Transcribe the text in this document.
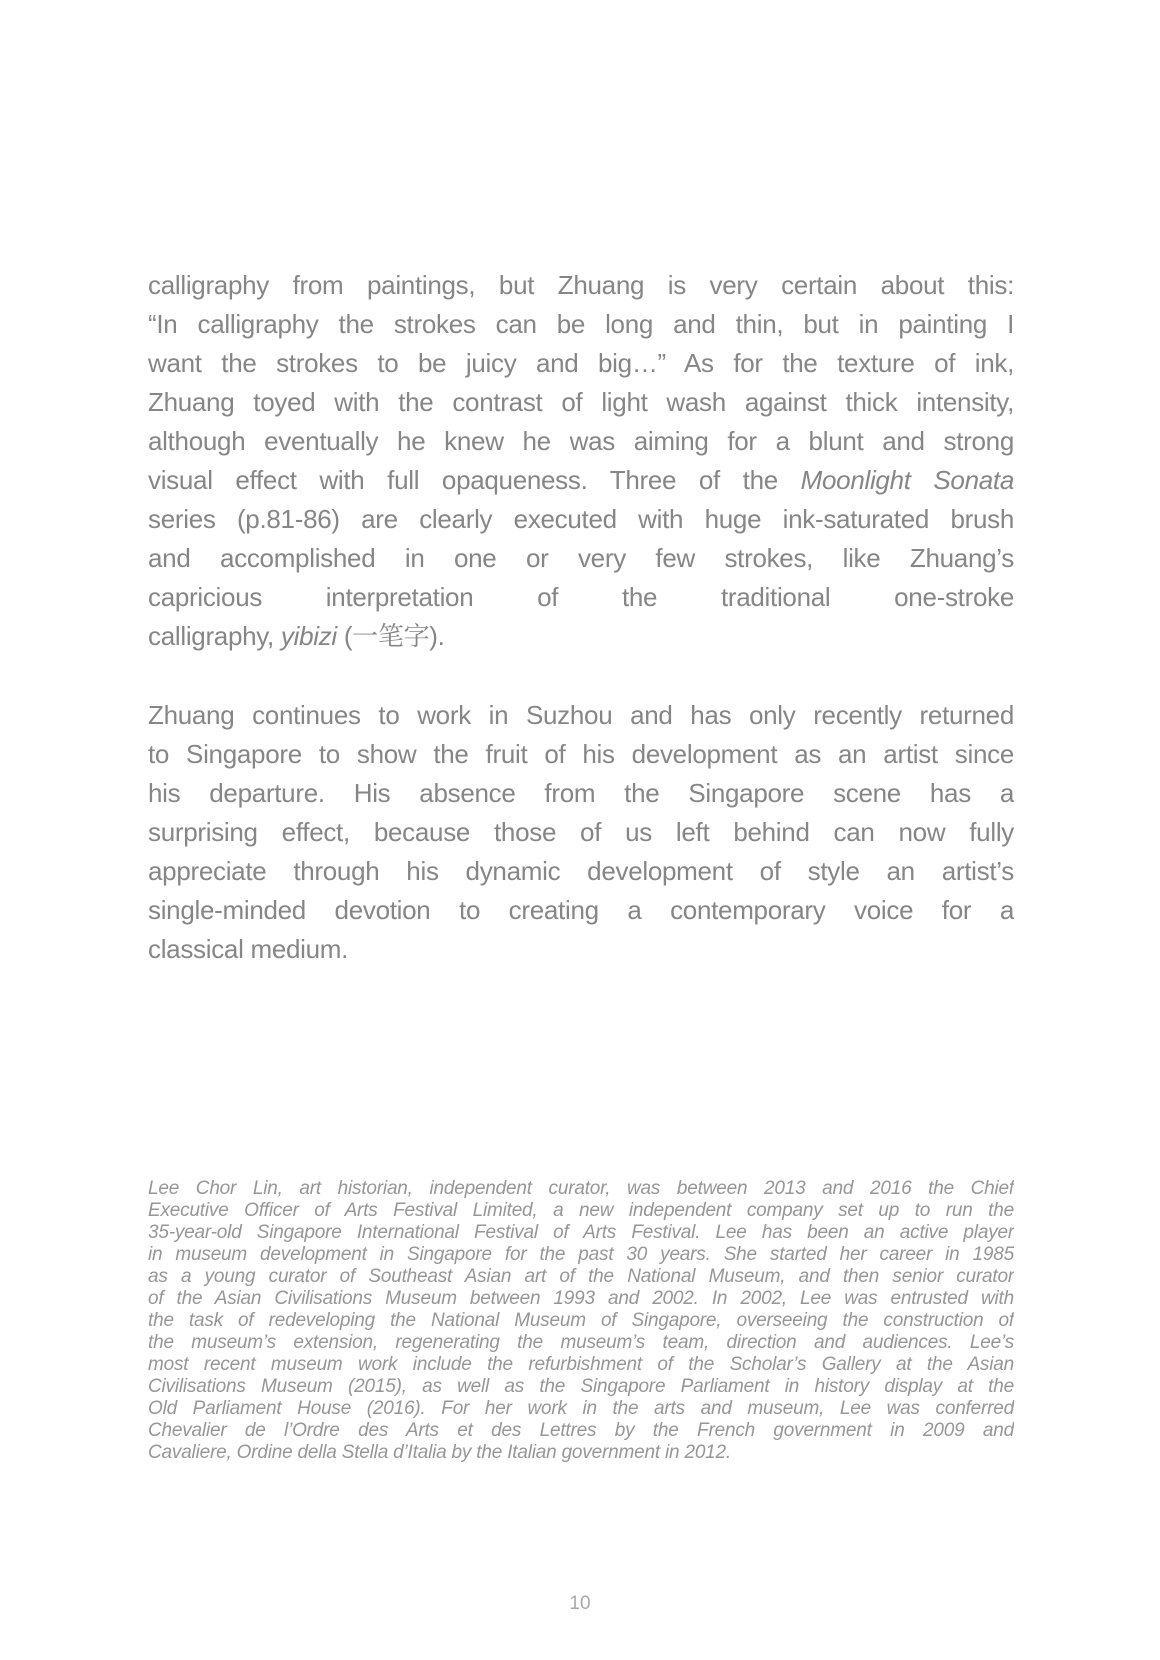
calligraphy from paintings, but Zhuang is very certain about this:
“In calligraphy the strokes can be long and thin, but in painting I
want the strokes to be juicy and big…” As for the texture of ink,
Zhuang toyed with the contrast of light wash against thick intensity,
although eventually he knew he was aiming for a blunt and strong
visual effect with full opaqueness. Three of the Moonlight Sonata
series (p.81-86) are clearly executed with huge ink-saturated brush
and accomplished in one or very few strokes, like Zhuang’s
capricious interpretation of the traditional one-stroke
calligraphy, yibizi (一笔字).
Zhuang continues to work in Suzhou and has only recently returned
to Singapore to show the fruit of his development as an artist since
his departure. His absence from the Singapore scene has a
surprising effect, because those of us left behind can now fully
appreciate through his dynamic development of style an artist’s
single-minded devotion to creating a contemporary voice for a
classical medium.
Lee Chor Lin, art historian, independent curator, was between 2013 and 2016 the Chief
Executive Officer of Arts Festival Limited, a new independent company set up to run the
35-year-old Singapore International Festival of Arts Festival. Lee has been an active player
in museum development in Singapore for the past 30 years. She started her career in 1985
as a young curator of Southeast Asian art of the National Museum, and then senior curator
of the Asian Civilisations Museum between 1993 and 2002. In 2002, Lee was entrusted with
the task of redeveloping the National Museum of Singapore, overseeing the construction of
the museum’s extension, regenerating the museum’s team, direction and audiences. Lee’s
most recent museum work include the refurbishment of the Scholar’s Gallery at the Asian
Civilisations Museum (2015), as well as the Singapore Parliament in history display at the
Old Parliament House (2016). For her work in the arts and museum, Lee was conferred
Chevalier de l’Ordre des Arts et des Lettres by the French government in 2009 and
Cavaliere, Ordine della Stella d’Italia by the Italian government in 2012.
10
